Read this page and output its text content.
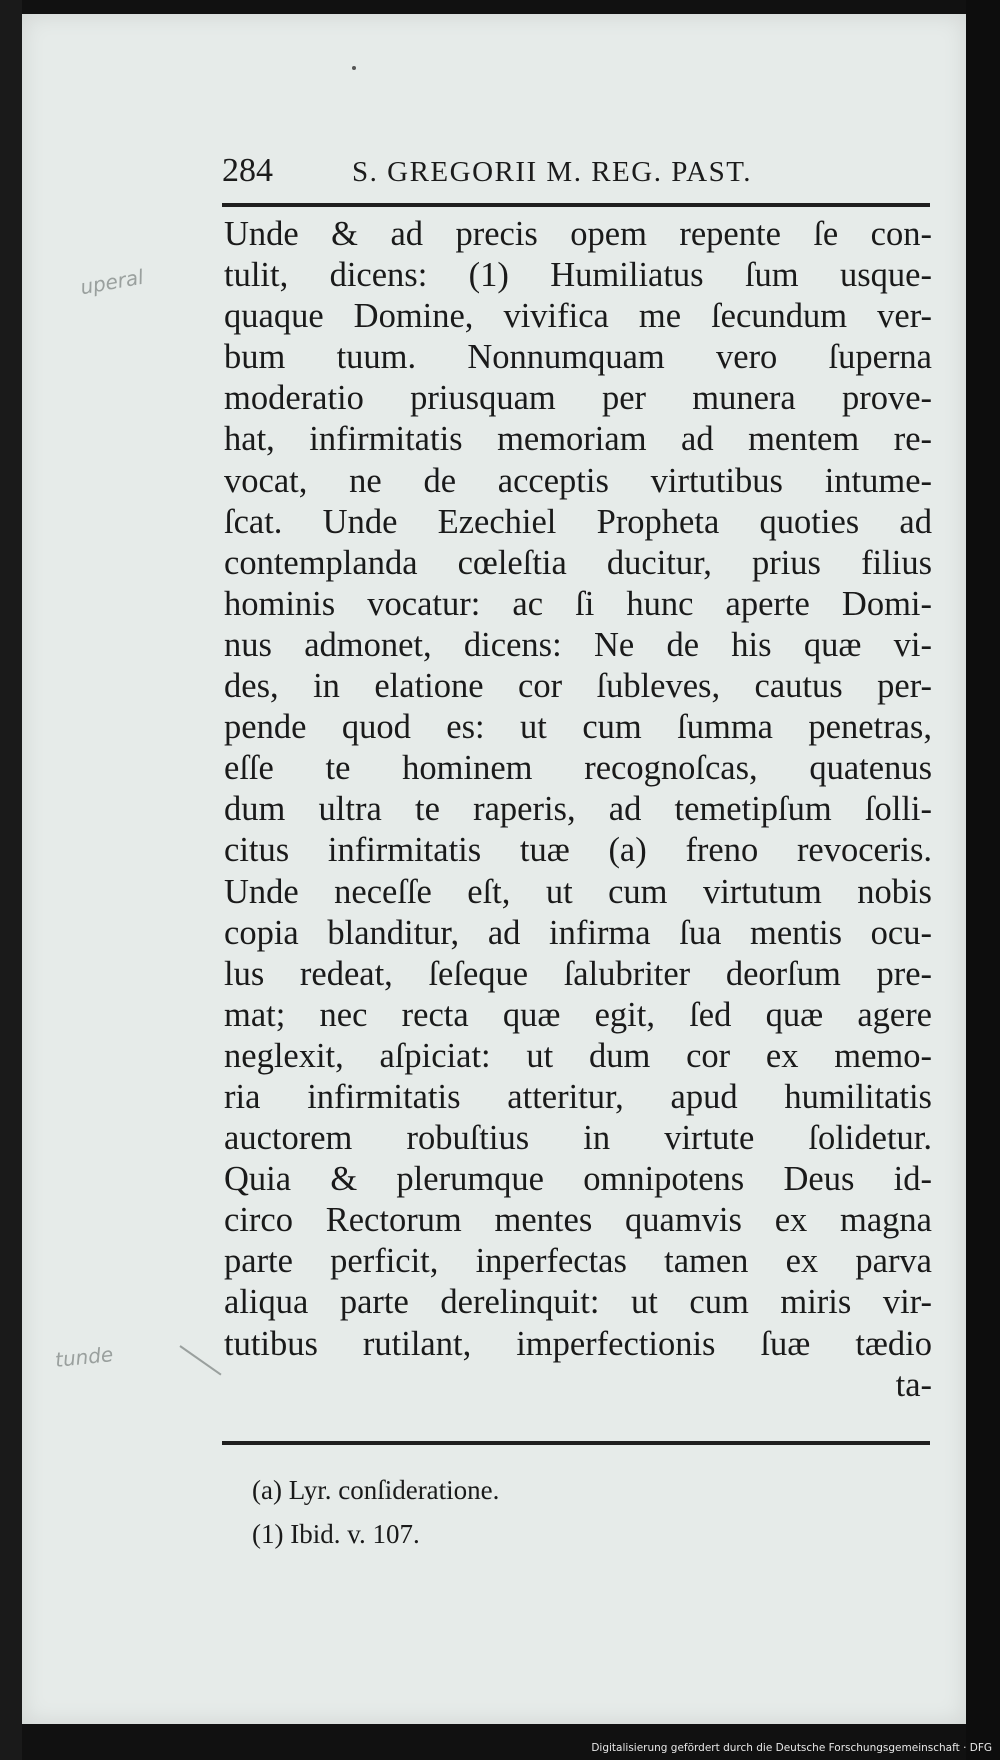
uperal
tunde
284	S. GREGORII M. REG. PAST.
Unde & ad precis opem repente ſe con-
tulit, dicens: (1) Humiliatus ſum usque-
quaque Domine, vivifica me ſecundum ver-
bum tuum. Nonnumquam vero ſuperna
moderatio priusquam per munera prove-
hat, infirmitatis memoriam ad mentem re-
vocat, ne de acceptis virtutibus intume-
ſcat. Unde Ezechiel Propheta quoties ad
contemplanda cœleſtia ducitur, prius filius
hominis vocatur: ac ſi hunc aperte Domi-
nus admonet, dicens: Ne de his quæ vi-
des, in elatione cor ſubleves, cautus per-
pende quod es: ut cum ſumma penetras,
eſſe te hominem recognoſcas, quatenus
dum ultra te raperis, ad temetipſum ſolli-
citus infirmitatis tuæ (a) freno revoceris.
Unde neceſſe eſt, ut cum virtutum nobis
copia blanditur, ad infirma ſua mentis ocu-
lus redeat, ſeſeque ſalubriter deorſum pre-
mat; nec recta quæ egit, ſed quæ agere
neglexit, aſpiciat: ut dum cor ex memo-
ria infirmitatis atteritur, apud humilitatis
auctorem robuſtius in virtute ſolidetur.
Quia & plerumque omnipotens Deus id-
circo Rectorum mentes quamvis ex magna
parte perficit, inperfectas tamen ex parva
aliqua parte derelinquit: ut cum miris vir-
tutibus rutilant, imperfectionis ſuæ tædio
ta-
(a) Lyr. conſideratione.
(1) Ibid. v. 107.
Digitalisierung gefördert durch die Deutsche Forschungsgemeinschaft · DFG
